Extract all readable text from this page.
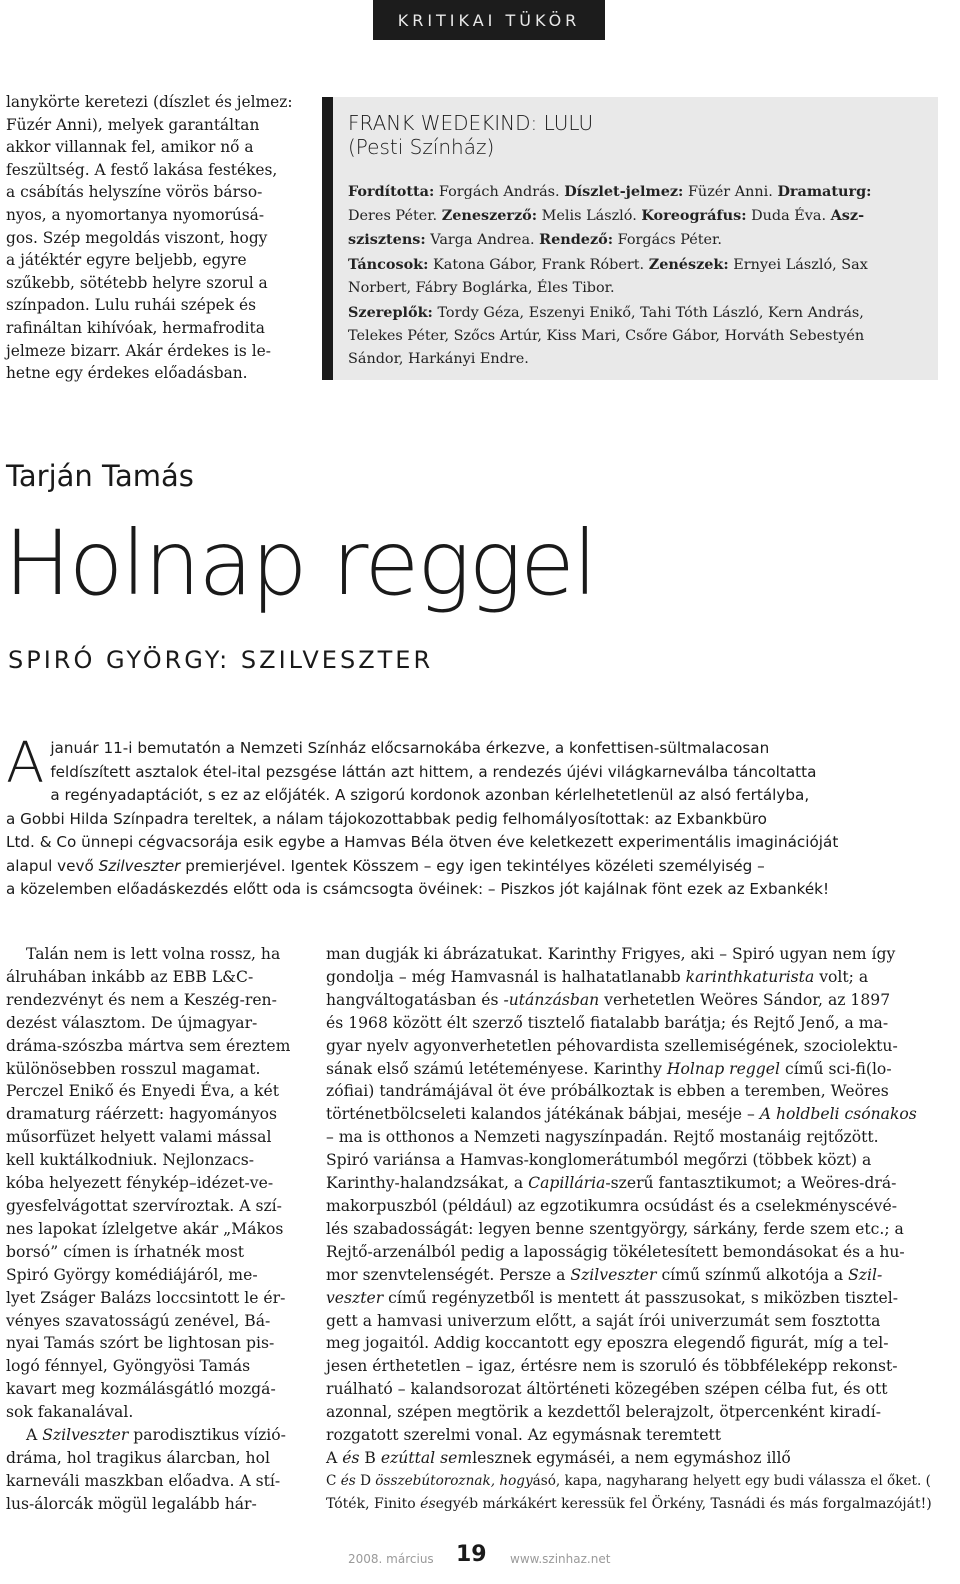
KRITIKAI TÜKÖR

lanykörte keretezi (díszlet és jelmez:
Füzér Anni), melyek garantáltan
akkor villannak fel, amikor nő a
feszültség. A festő lakása festékes,
a csábítás helyszíne vörös bárso-
nyos, a nyomortanya nyomorúsá-
gos. Szép megoldás viszont, hogy
a játéktér egyre beljebb, egyre
szűkebb, sötétebb helyre szorul a
színpadon. Lulu ruhái szépek és
rafináltan kihívóak, hermafrodita
jelmeze bizarr. Akár érdekes is le-
hetne egy érdekes előadásban.

FRANK WEDEKIND: LULU
(Pesti Színház)

Fordította: Forgách András. Díszlet-jelmez: Füzér Anni. Dramaturg:
Deres Péter. Zeneszerző: Melis László. Koreográfus: Duda Éva. Asz-
szisztens: Varga Andrea. Rendező: Forgács Péter.

Táncosok: Katona Gábor, Frank Róbert. Zenészek: Ernyei László, Sax
Norbert, Fábry Boglárka, Éles Tibor.

Szereplők: Tordy Géza, Eszenyi Enikő, Tahi Tóth László, Kern András,
Telekes Péter, Szőcs Artúr, Kiss Mari, Csőre Gábor, Horváth Sebestyén
Sándor, Harkányi Endre.

Tarján Tamás
Holnap reggel
SPIRÓ GYÖRGY: SZILVESZTER
A január 11-i bemutatón a Nemzeti Színház előcsarnokába érkezve, a konfettisen-sültmalacosan
feldíszített asztalok étel-ital pezsgése láttán azt hittem, a rendezés újévi világkarneválba táncoltatta
a regényadaptációt, s ez az előjáték. A szigorú kordonok azonban kérlelhetetlenül az alsó fertályba,
a Gobbi Hilda Színpadra tereltek, a nálam tájokozottabbak pedig felhomályosítottak: az Exbankbüro
Ltd. & Co ünnepi cégvacsorája esik egybe a Hamvas Béla ötven éve keletkezett experimentális imaginációját
alapul vevő Szilveszter premierjével. Igentek Kösszem – egy igen tekintélyes közéleti személyiség –
a közelemben előadáskezdés előtt oda is csámcsogta övéinek: – Piszkos jót kajálnak fönt ezek az Exbankék!
Talán nem is lett volna rossz, ha
álruhában inkább az EBB L&C-
rendezvényt és nem a Keszég-ren-
dezést választom. De újmagyar-
dráma-szószba mártva sem éreztem
különösebben rosszul magamat.
Perczel Enikő és Enyedi Éva, a két
dramaturg ráérzett: hagyományos
műsorfüzet helyett valami mással
kell kuktálkodniuk. Nejlonzacs-
kóba helyezett fénykép–idézet-ve-
gyesfelvágottat szervíroztak. A szí-
nes lapokat ízlelgetve akár „Mákos
borsó” címen is írhatnék most
Spiró György komédiájáról, me-
lyet Zságer Balázs loccsintott le ér-
vényes szavatosságú zenével, Bá-
nyai Tamás szórt be lightosan pis-
logó fénnyel, Gyöngyösi Tamás
kavart meg kozmálásgátló mozgá-
sok fakanalával.
A Szilveszter parodisztikus vízió-
dráma, hol tragikus álarcban, hol
karneváli maszkban előadva. A stí-
lus-álorcák mögül legalább hár-
man dugják ki ábrázatukat. Karinthy Frigyes, aki – Spiró ugyan nem így
gondolja – még Hamvasnál is halhatatlanabb karinthkaturista volt; a
hangváltogatásban és -utánzásban verhetetlen Weöres Sándor, az 1897
és 1968 között élt szerző tisztelő fiatalabb barátja; és Rejtő Jenő, a ma-
gyar nyelv agyonverhetetlen péhovardista szellemiségének, szociolektu-
sának első számú letéteményese. Karinthy Holnap reggel című sci-fi(lo-
zófiai) tandrámájával öt éve próbálkoztak is ebben a teremben, Weöres
történetbölcseleti kalandos játékának bábjai, meséje – A holdbeli csónakos
– ma is otthonos a Nemzeti nagyszínpadán. Rejtő mostanáig rejtőzött.
Spiró variánsa a Hamvas-konglomerátumból megőrzi (többek közt) a
Karinthy-halandzsákat, a Capillária-szerű fantasztikumot; a Weöres-drá-
makorpuszból (például) az egzotikumra ocsúdást és a cselekményscévé-
lés szabadosságát: legyen benne szentgyörgy, sárkány, ferde szem etc.; a
Rejtő-arzenálból pedig a laposságig tökéletesített bemondásokat és a hu-
mor szenvtelenségét. Persze a Szilveszter című színmű alkotója a Szil-
veszter című regényzetből is mentett át passzusokat, s miközben tisztel-
gett a hamvasi univerzum előtt, a saját írói univerzumát sem fosztotta
meg jogaitól. Addig koccantott egy eposzra elegendő figurát, míg a tel-
jesen érthetetlen – igaz, értésre nem is szoruló és többféleképp rekonst-
ruálható – kalandsorozat áltörténeti közegében szépen célba fut, és ott
azonnal, szépen megtörik a kezdettől belerajzolt, ötpercenként kiradí-
rozgatott szerelmi vonal. Az egymásnak teremtett
A és B ezúttal semlesznek egymáséi, a nem egymáshoz illő
C és D összebútoroznak, hogyásó, kapa, nagyharang helyett egy budi válassza el őket. (
Tóték, Finito ésegyéb márkákért keressük fel Örkény, Tasnádi és más forgalmazóját!)
2008. március 19 www.szinhaz.net
